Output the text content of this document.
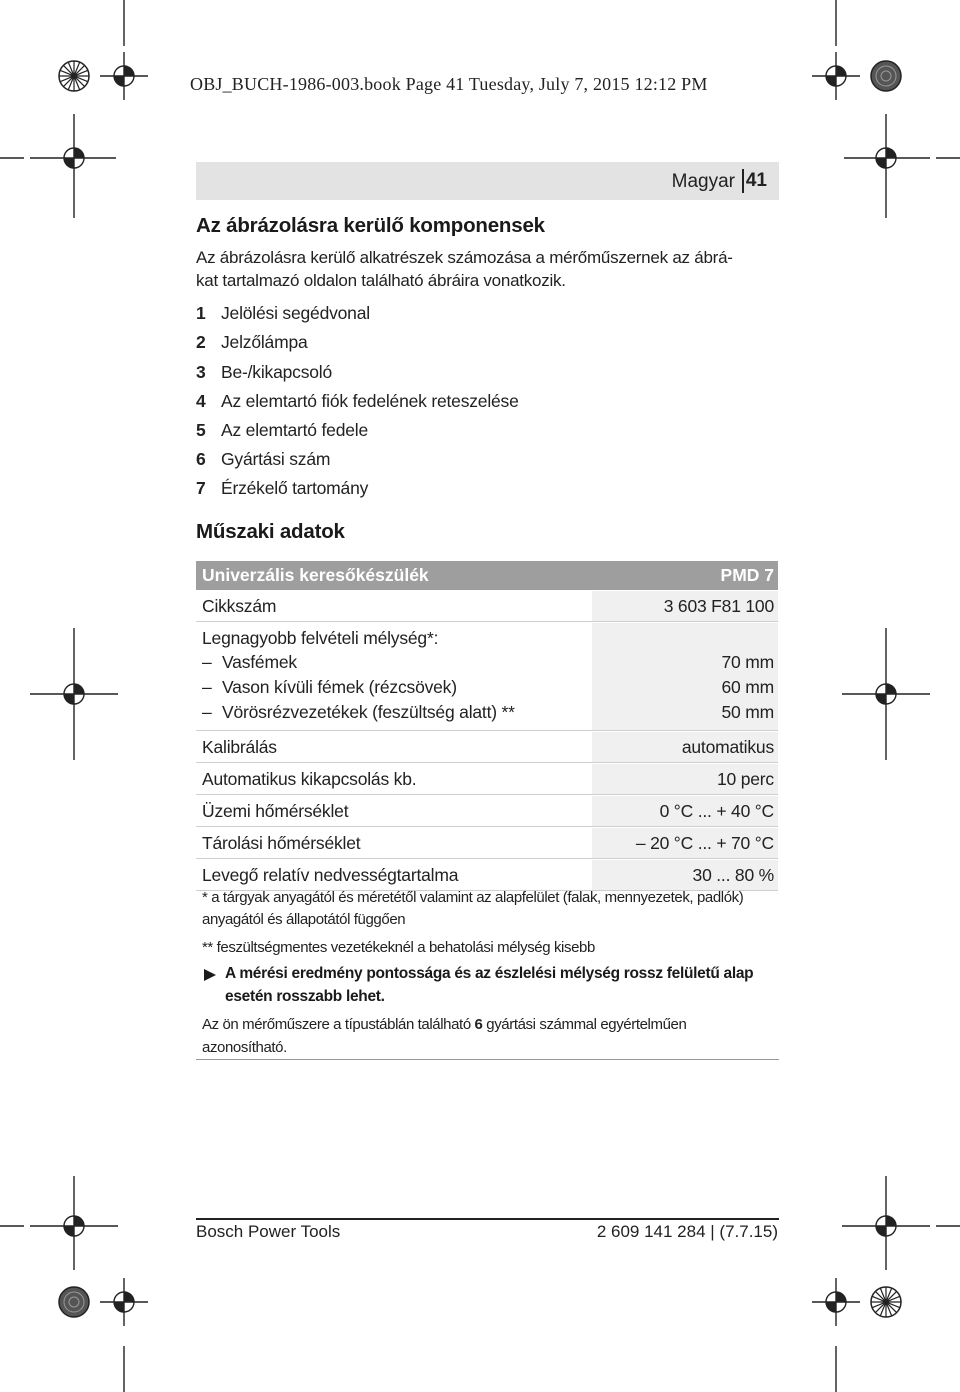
OBJ_BUCH-1986-003.book Page 41 Tuesday, July 7, 2015 12:12 PM
Magyar 41
Az ábrázolásra kerülő komponensek
Az ábrázolásra kerülő alkatrészek számozása a mérőműszernek az ábrá-
kat tartalmazó oldalon található ábráira vonatkozik.
1 Jelölési segédvonal
2 Jelzőlámpa
3 Be-/kikapcsoló
4 Az elemtartó fiók fedelének reteszelése
5 Az elemtartó fedele
6 Gyártási szám
7 Érzékelő tartomány
Műszaki adatok
Univerzális keresőkészülék	PMD 7
Cikkszám	3 603 F81 100
Legnagyobb felvételi mélység*:
– Vasfémek	70 mm
– Vason kívüli fémek (rézcsövek)	60 mm
– Vörösrézvezetékek (feszültség alatt) **	50 mm
Kalibrálás	automatikus
Automatikus kikapcsolás kb.	10 perc
Üzemi hőmérséklet	0 °C ... + 40 °C
Tárolási hőmérséklet	– 20 °C ... + 70 °C
Levegő relatív nedvességtartalma	30 ... 80 %
* a tárgyak anyagától és méretétől valamint az alapfelület (falak, mennyezetek, padlók)
anyagától és állapotától függően
** feszültségmentes vezetékeknél a behatolási mélység kisebb
A mérési eredmény pontossága és az észlelési mélység rossz felületű alap
esetén rosszabb lehet.
Az ön mérőműszere a típustáblán található 6 gyártási számmal egyértelműen
azonosítható.
Bosch Power Tools	2 609 141 284 | (7.7.15)
